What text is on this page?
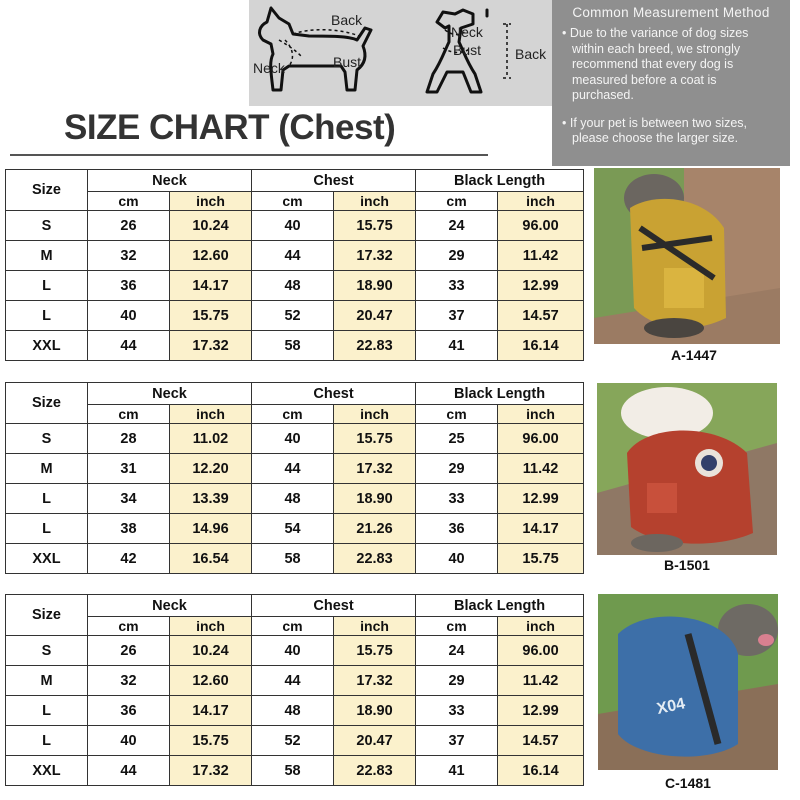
Back
Neck	Bust
Neck
Bust Back
Common Measurement Method

• Due to the variance of dog sizes within each breed, we strongly recommend that every dog is measured before a coat is purchased.

• If your pet is between two sizes, please choose the larger size.

SIZE CHART (Chest)
Size	Neck		Chest		Black Length	
	cm	inch	cm	inch	cm	inch
S	26	10.24	40	15.75	24	96.00
M	32	12.60	44	17.32	29	11.42
L	36	14.17	48	18.90	33	12.99
L	40	15.75	52	20.47	37	14.57
XXL	44	17.32	58	22.83	41	16.14
Size	Neck		Chest		Black Length	
	cm	inch	cm	inch	cm	inch
S	28	11.02	40	15.75	25	96.00
M	31	12.20	44	17.32	29	11.42
L	34	13.39	48	18.90	33	12.99
L	38	14.96	54	21.26	36	14.17
XXL	42	16.54	58	22.83	40	15.75
Size	Neck		Chest		Black Length	
	cm	inch	cm	inch	cm	inch
S	26	10.24	40	15.75	24	96.00
M	32	12.60	44	17.32	29	11.42
L	36	14.17	48	18.90	33	12.99
L	40	15.75	52	20.47	37	14.57
XXL	44	17.32	58	22.83	41	16.14
A-1447
B-1501
X04
C-1481
